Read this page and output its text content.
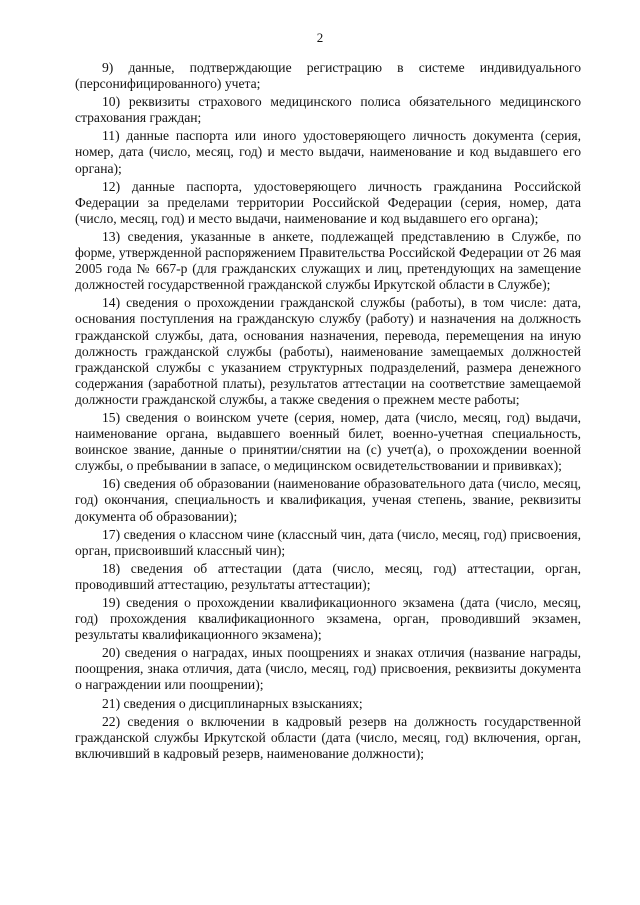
2

9) данные, подтверждающие регистрацию в системе индивидуального (персонифицированного) учета;

10) реквизиты страхового медицинского полиса обязательного медицинского страхования граждан;

11) данные паспорта или иного удостоверяющего личность документа (серия, номер, дата (число, месяц, год) и место выдачи, наименование и код выдавшего его органа);

12) данные паспорта, удостоверяющего личность гражданина Российской Федерации за пределами территории Российской Федерации (серия, номер, дата (число, месяц, год) и место выдачи, наименование и код выдавшего его органа);

13) сведения, указанные в анкете, подлежащей представлению в Службе, по форме, утвержденной распоряжением Правительства Российской Федерации от 26 мая 2005 года № 667-р (для гражданских служащих и лиц, претендующих на замещение должностей государственной гражданской службы Иркутской области в Службе);

14) сведения о прохождении гражданской службы (работы), в том числе: дата, основания поступления на гражданскую службу (работу) и назначения на должность гражданской службы, дата, основания назначения, перевода, перемещения на иную должность гражданской службы (работы), наименование замещаемых должностей гражданской службы с указанием структурных подразделений, размера денежного содержания (заработной платы), результатов аттестации на соответствие замещаемой должности гражданской службы, а также сведения о прежнем месте работы;

15) сведения о воинском учете (серия, номер, дата (число, месяц, год) выдачи, наименование органа, выдавшего военный билет, военно-учетная специальность, воинское звание, данные о принятии/снятии на (с) учет(а), о прохождении военной службы, о пребывании в запасе, о медицинском освидетельствовании и прививках);

16) сведения об образовании (наименование образовательного дата (число, месяц, год) окончания, специальность и квалификация, ученая степень, звание, реквизиты документа об образовании);

17) сведения о классном чине (классный чин, дата (число, месяц, год) присвоения, орган, присвоивший классный чин);

18) сведения об аттестации (дата (число, месяц, год) аттестации, орган, проводивший аттестацию, результаты аттестации);

19) сведения о прохождении квалификационного экзамена (дата (число, месяц, год) прохождения квалификационного экзамена, орган, проводивший экзамен, результаты квалификационного экзамена);

20) сведения о наградах, иных поощрениях и знаках отличия (название награды, поощрения, знака отличия, дата (число, месяц, год) присвоения, реквизиты документа о награждении или поощрении);

21) сведения о дисциплинарных взысканиях;

22) сведения о включении в кадровый резерв на должность государственной гражданской службы Иркутской области (дата (число, месяц, год) включения, орган, включивший в кадровый резерв, наименование должности);
